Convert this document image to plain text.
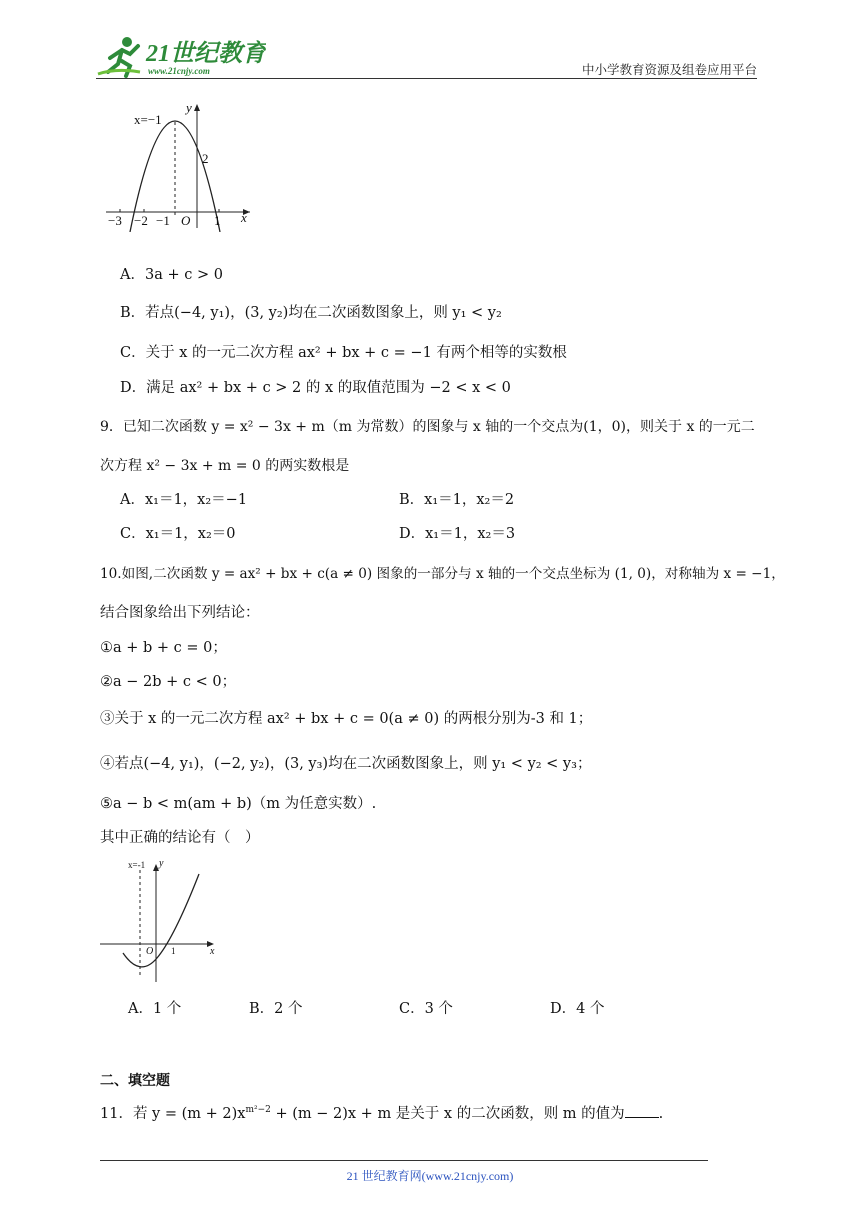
21世纪教育
www.21cnjy.com	中小学教育资源及组卷应用平台
x=−1
y
2
x
−3 −2 −1 O 1
A．3a + c > 0
B．若点(−4, y₁)，(3, y₂)均在二次函数图象上，则 y₁ < y₂
C．关于 x 的一元二次方程 ax² + bx + c = −1 有两个相等的实数根
D．满足 ax² + bx + c > 2 的 x 的取值范围为 −2 < x < 0
9．已知二次函数 y = x² − 3x + m（m 为常数）的图象与 x 轴的一个交点为(1，0)，则关于 x 的一元二
次方程 x² − 3x + m = 0 的两实数根是
A．x₁＝1，x₂＝−1	B．x₁＝1，x₂＝2
C．x₁＝1，x₂＝0	D．x₁＝1，x₂＝3
10.如图,二次函数 y = ax² + bx + c(a ≠ 0) 图象的一部分与 x 轴的一个交点坐标为 (1, 0)，对称轴为 x = −1，
结合图象给出下列结论：
①a + b + c = 0；
②a − 2b + c < 0；
③关于 x 的一元二次方程 ax² + bx + c = 0(a ≠ 0) 的两根分别为-3 和 1；
④若点(−4, y₁)，(−2, y₂)，(3, y₃)均在二次函数图象上，则 y₁ < y₂ < y₃；
⑤a − b < m(am + b)（m 为任意实数）.
其中正确的结论有（　）
x=-1 y
O 1	x
A．1 个	B．2 个	C．3 个	D．4 个
二、填空题
11．若 $y = (m + 2)x^{m^2-2} + (m - 2)x + m$ 是关于 x 的二次函数，则 m 的值为 .
21 世纪教育网(www.21cnjy.com)
